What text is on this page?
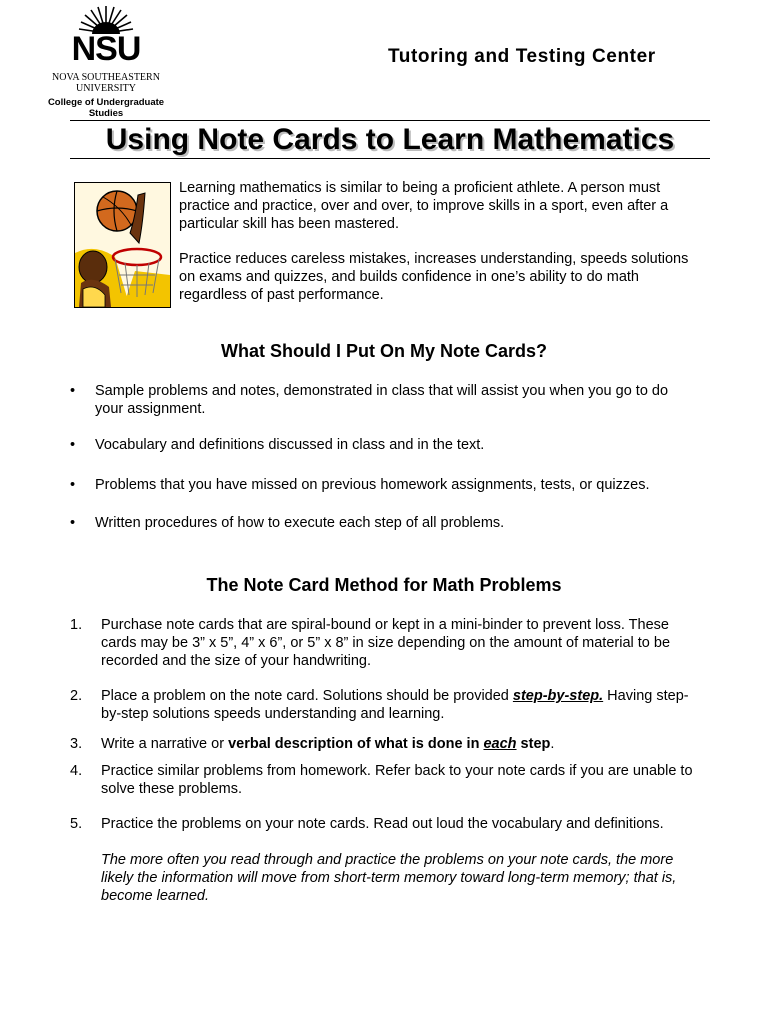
NSU
NOVA SOUTHEASTERN
UNIVERSITY
College of Undergraduate Studies
Tutoring and Testing Center
Using Note Cards to Learn Mathematics
Learning mathematics is similar to being a proficient athlete. A person must practice and practice, over and over, to improve skills in a sport, even after a particular skill has been mastered.
Practice reduces careless mistakes, increases understanding, speeds solutions on exams and quizzes, and builds confidence in one’s ability to do math regardless of past performance.
What Should I Put On My Note Cards?
• Sample problems and notes, demonstrated in class that will assist you when you go to do your assignment.
• Vocabulary and definitions discussed in class and in the text.
• Problems that you have missed on previous homework assignments, tests, or quizzes.
• Written procedures of how to execute each step of all problems.
The Note Card Method for Math Problems
1. Purchase note cards that are spiral-bound or kept in a mini-binder to prevent loss. These cards may be 3” x 5”, 4” x 6”, or 5” x 8” in size depending on the amount of material to be recorded and the size of your handwriting.
2. Place a problem on the note card. Solutions should be provided step-by-step. Having step-by-step solutions speeds understanding and learning.
3. Write a narrative or verbal description of what is done in each step.
4. Practice similar problems from homework. Refer back to your note cards if you are unable to solve these problems.
5. Practice the problems on your note cards. Read out loud the vocabulary and definitions.
The more often you read through and practice the problems on your note cards, the more likely the information will move from short-term memory toward long-term memory; that is, become learned.
